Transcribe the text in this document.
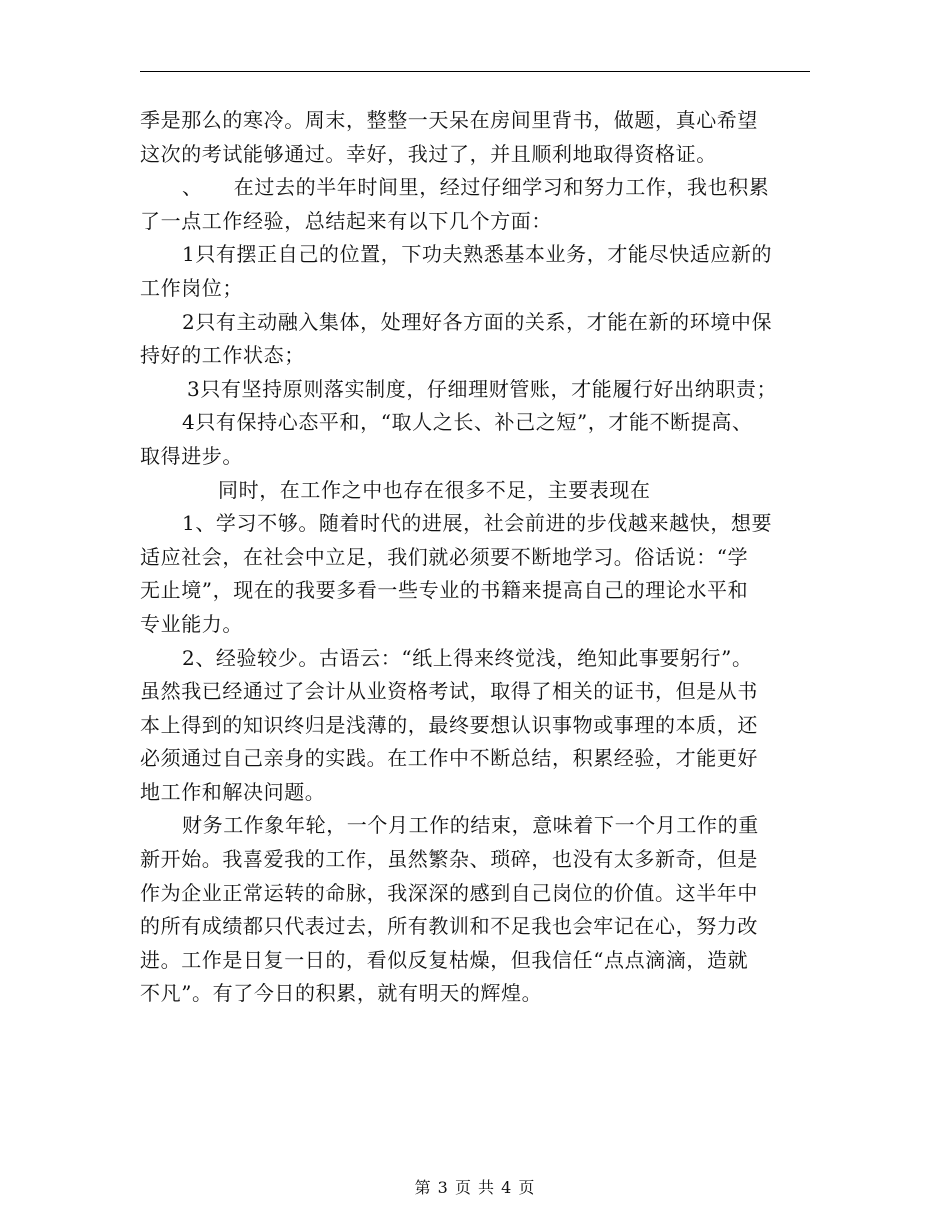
季是那么的寒冷。周末，整整一天呆在房间里背书，做题，真心希望
这次的考试能够通过。幸好，我过了，并且顺利地取得资格证。
、　　在过去的半年时间里，经过仔细学习和努力工作，我也积累
了一点工作经验，总结起来有以下几个方面：
1只有摆正自己的位置，下功夫熟悉基本业务，才能尽快适应新的
工作岗位；
2只有主动融入集体，处理好各方面的关系，才能在新的环境中保
持好的工作状态；
3只有坚持原则落实制度，仔细理财管账，才能履行好出纳职责；
4只有保持心态平和，“取人之长、补己之短”，才能不断提高、
取得进步。
同时，在工作之中也存在很多不足，主要表现在
1、学习不够。随着时代的进展，社会前进的步伐越来越快，想要
适应社会，在社会中立足，我们就必须要不断地学习。俗话说：“学
无止境”，现在的我要多看一些专业的书籍来提高自己的理论水平和
专业能力。
2、经验较少。古语云：“纸上得来终觉浅，绝知此事要躬行”。
虽然我已经通过了会计从业资格考试，取得了相关的证书，但是从书
本上得到的知识终归是浅薄的，最终要想认识事物或事理的本质，还
必须通过自己亲身的实践。在工作中不断总结，积累经验，才能更好
地工作和解决问题。
财务工作象年轮，一个月工作的结束，意味着下一个月工作的重
新开始。我喜爱我的工作，虽然繁杂、琐碎，也没有太多新奇，但是
作为企业正常运转的命脉，我深深的感到自己岗位的价值。这半年中
的所有成绩都只代表过去，所有教训和不足我也会牢记在心，努力改
进。工作是日复一日的，看似反复枯燥，但我信任“点点滴滴，造就
不凡”。有了今日的积累，就有明天的辉煌。
第 3 页 共 4 页
